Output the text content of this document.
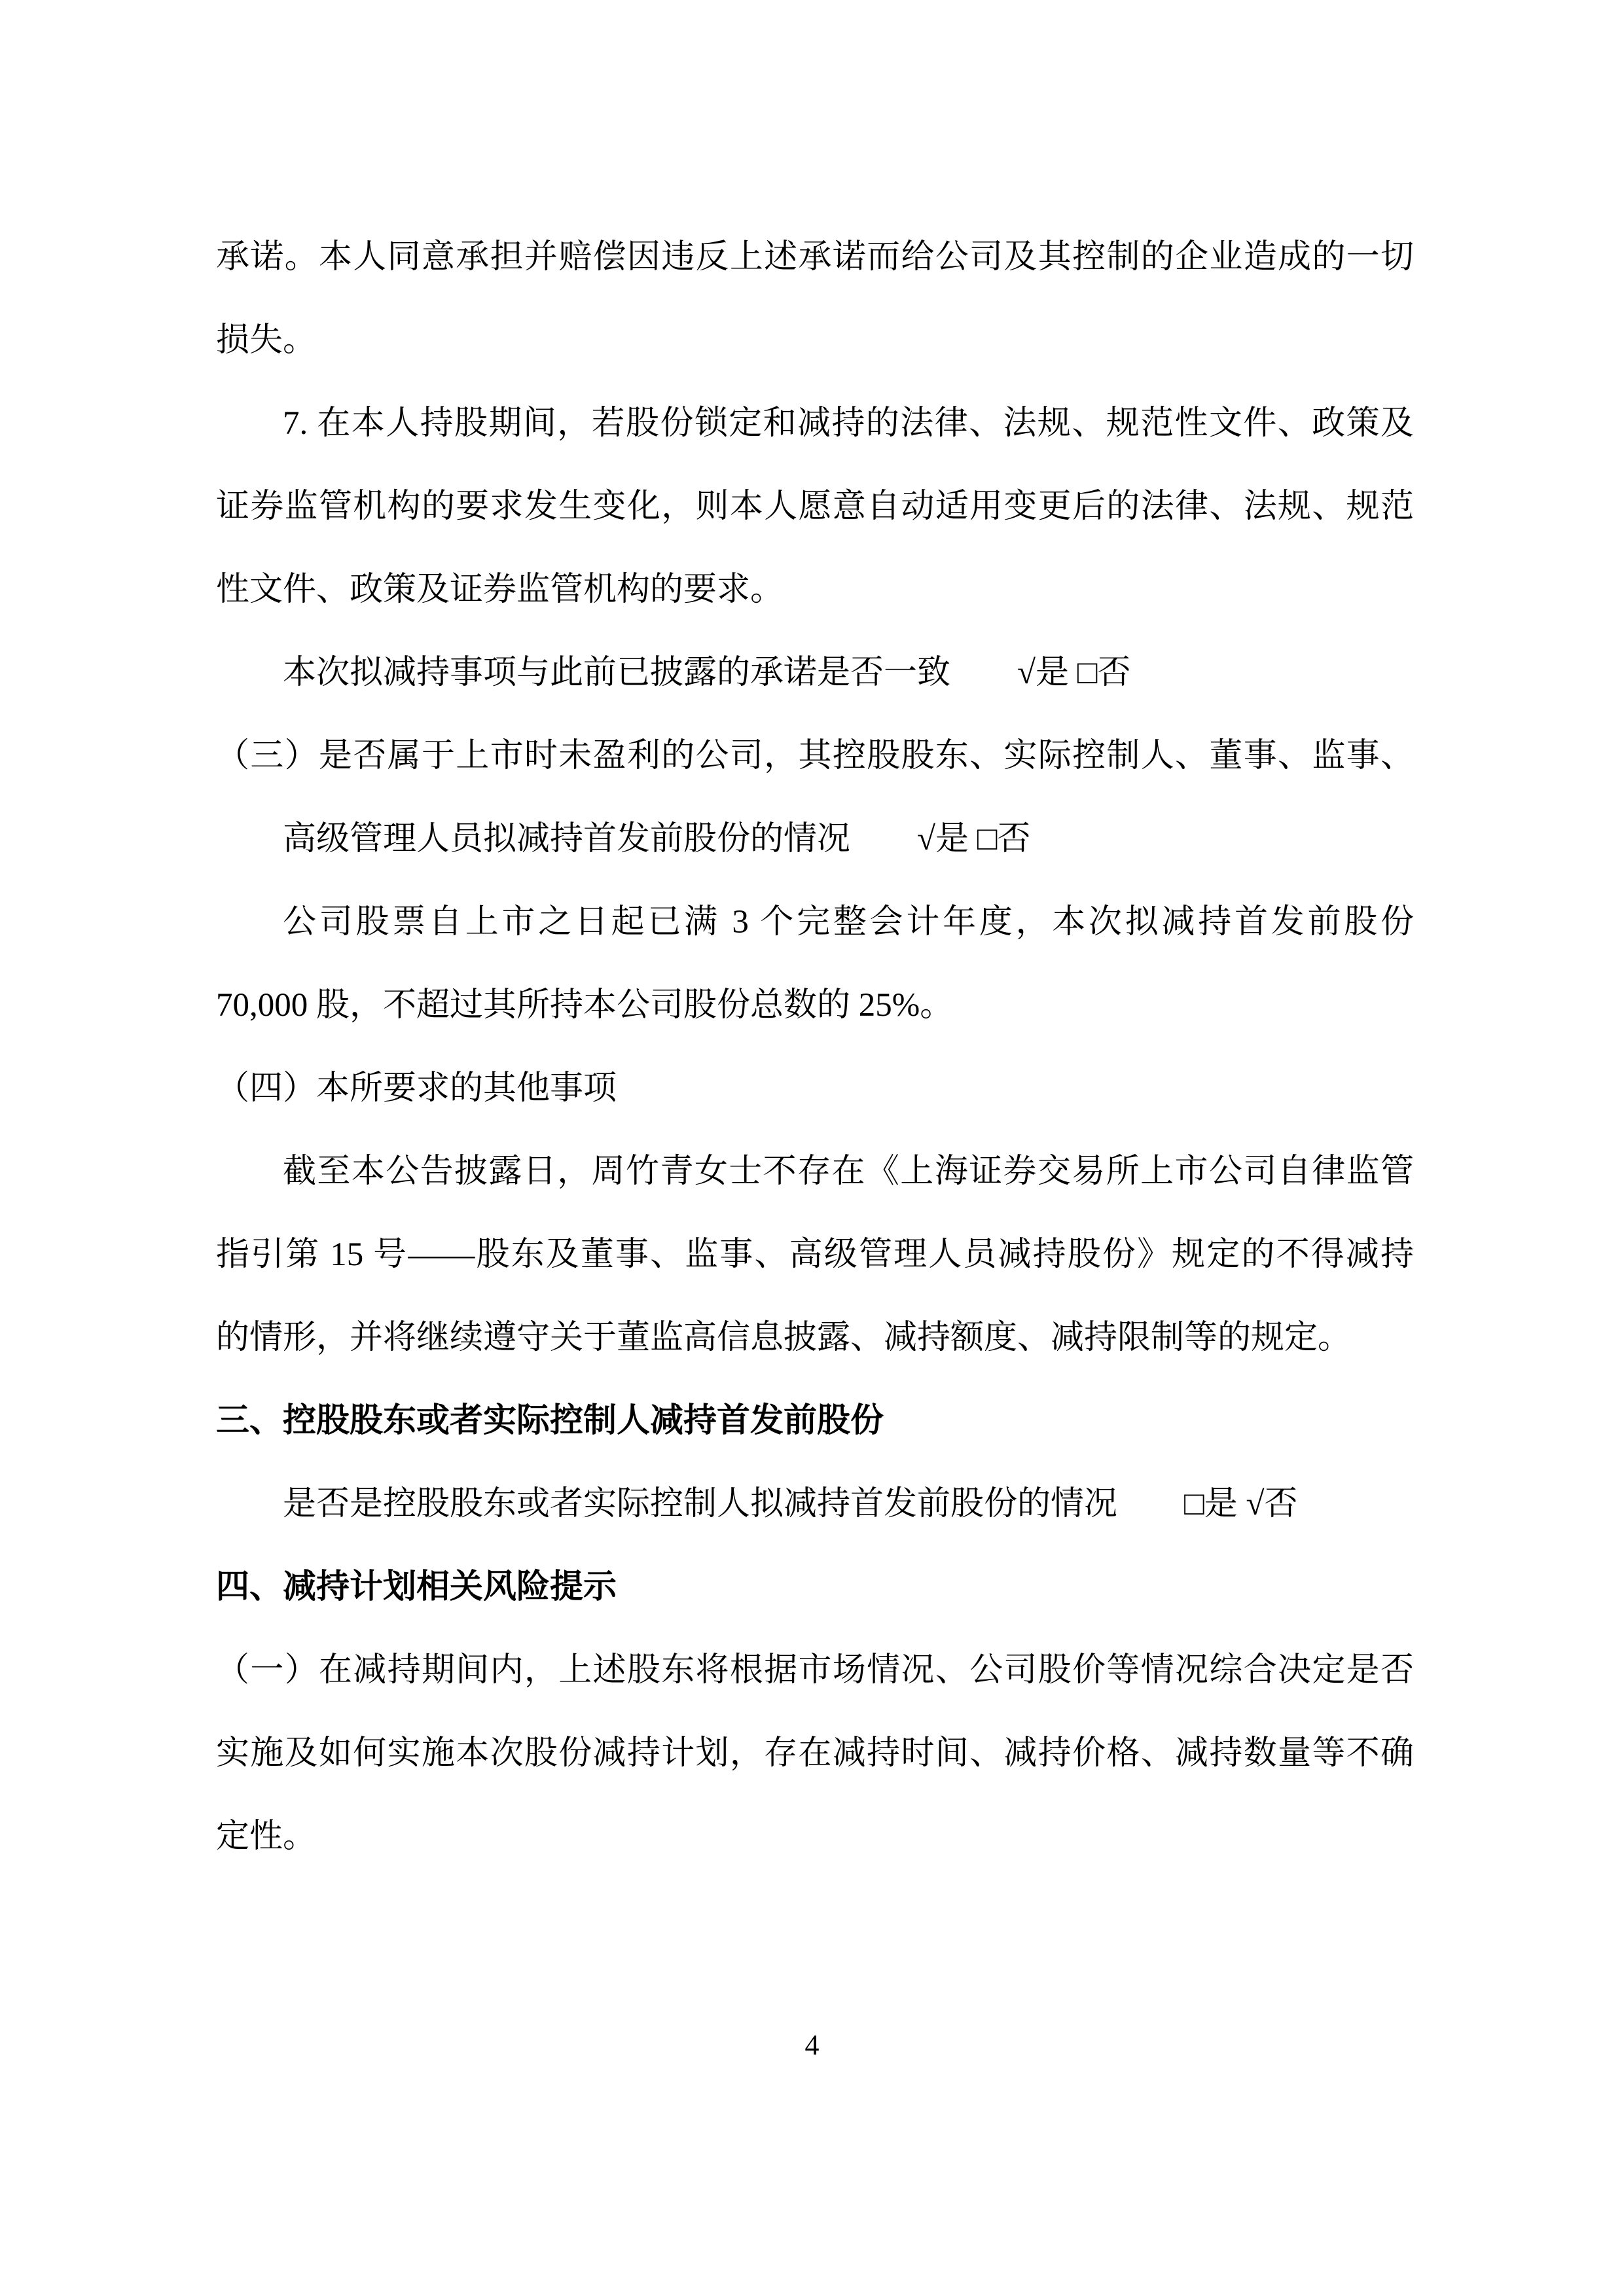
承诺。本人同意承担并赔偿因违反上述承诺而给公司及其控制的企业造成的一切
损失。
7. 在本人持股期间，若股份锁定和减持的法律、法规、规范性文件、政策及
证券监管机构的要求发生变化，则本人愿意自动适用变更后的法律、法规、规范
性文件、政策及证券监管机构的要求。
本次拟减持事项与此前已披露的承诺是否一致　　√是 □否
（三）是否属于上市时未盈利的公司，其控股股东、实际控制人、董事、监事、
高级管理人员拟减持首发前股份的情况　　√是 □否
公司股票自上市之日起已满 3 个完整会计年度，本次拟减持首发前股份
70,000 股，不超过其所持本公司股份总数的 25%。
（四）本所要求的其他事项
截至本公告披露日，周竹青女士不存在《上海证券交易所上市公司自律监管
指引第 15 号——股东及董事、监事、高级管理人员减持股份》规定的不得减持
的情形，并将继续遵守关于董监高信息披露、减持额度、减持限制等的规定。
三、控股股东或者实际控制人减持首发前股份
是否是控股股东或者实际控制人拟减持首发前股份的情况　　□是 √否
四、减持计划相关风险提示
（一）在减持期间内，上述股东将根据市场情况、公司股价等情况综合决定是否
实施及如何实施本次股份减持计划，存在减持时间、减持价格、减持数量等不确
定性。
4
